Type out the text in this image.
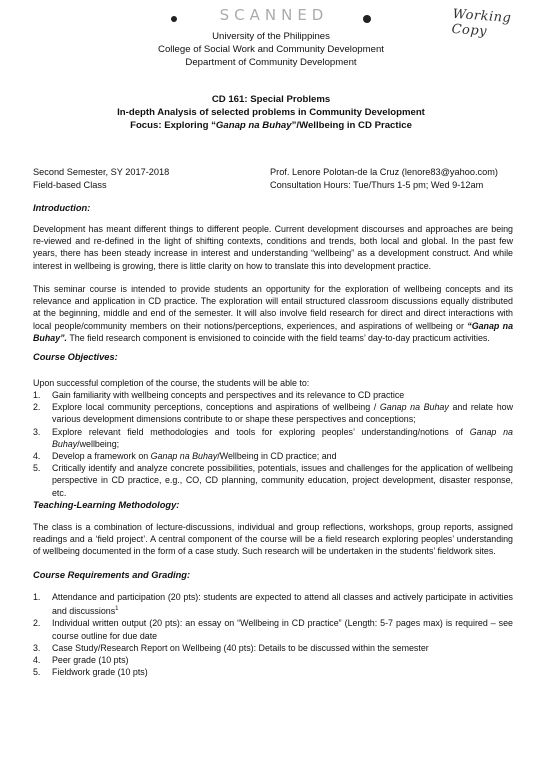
SCANNED	Working Copy
University of the Philippines
College of Social Work and Community Development
Department of Community Development
CD 161: Special Problems
In-depth Analysis of selected problems in Community Development
Focus: Exploring “Ganap na Buhay”/Wellbeing in CD Practice
Second Semester, SY 2017-2018
Field-based Class
Prof. Lenore Polotan-de la Cruz (lenore83@yahoo.com)
Consultation Hours: Tue/Thurs 1-5 pm; Wed 9-12am
Introduction:
Development has meant different things to different people. Current development discourses and approaches are being re-viewed and re-defined in the light of shifting contexts, conditions and trends, both local and global. In the past few years, there has been steady increase in interest and understanding “wellbeing” as a development construct. And while interest in wellbeing is growing, there is little clarity on how to translate this into development practice.
This seminar course is intended to provide students an opportunity for the exploration of wellbeing concepts and its relevance and application in CD practice. The exploration will entail structured classroom discussions equally distributed at the beginning, middle and end of the semester. It will also involve field research for direct and direct interactions with local people/community members on their notions/perceptions, experiences, and aspirations of wellbeing or “Ganap na Buhay”. The field research component is envisioned to coincide with the field teams’ day-to-day practicum activities.
Course Objectives:
Upon successful completion of the course, the students will be able to:
1. Gain familiarity with wellbeing concepts and perspectives and its relevance to CD practice
2. Explore local community perceptions, conceptions and aspirations of wellbeing / Ganap na Buhay and relate how various development dimensions contribute to or shape these perspectives and conceptions;
3. Explore relevant field methodologies and tools for exploring peoples’ understanding/notions of Ganap na Buhay/wellbeing;
4. Develop a framework on Ganap na Buhay/Wellbeing in CD practice; and
5. Critically identify and analyze concrete possibilities, potentials, issues and challenges for the application of wellbeing perspective in CD practice, e.g., CO, CD planning, community education, project development, disaster response, etc.
Teaching-Learning Methodology:
The class is a combination of lecture-discussions, individual and group reflections, workshops, group reports, assigned readings and a ‘field project’. A central component of the course will be a field research exploring peoples’ understanding of wellbeing documented in the form of a case study. Such research will be undertaken in the students’ fieldwork sites.
Course Requirements and Grading:
1. Attendance and participation (20 pts): students are expected to attend all classes and actively participate in activities and discussions$^1$
2. Individual written output (20 pts): an essay on “Wellbeing in CD practice” (Length: 5-7 pages max) is required – see course outline for due date
3. Case Study/Research Report on Wellbeing (40 pts): Details to be discussed within the semester
4. Peer grade (10 pts)
5. Fieldwork grade (10 pts)
